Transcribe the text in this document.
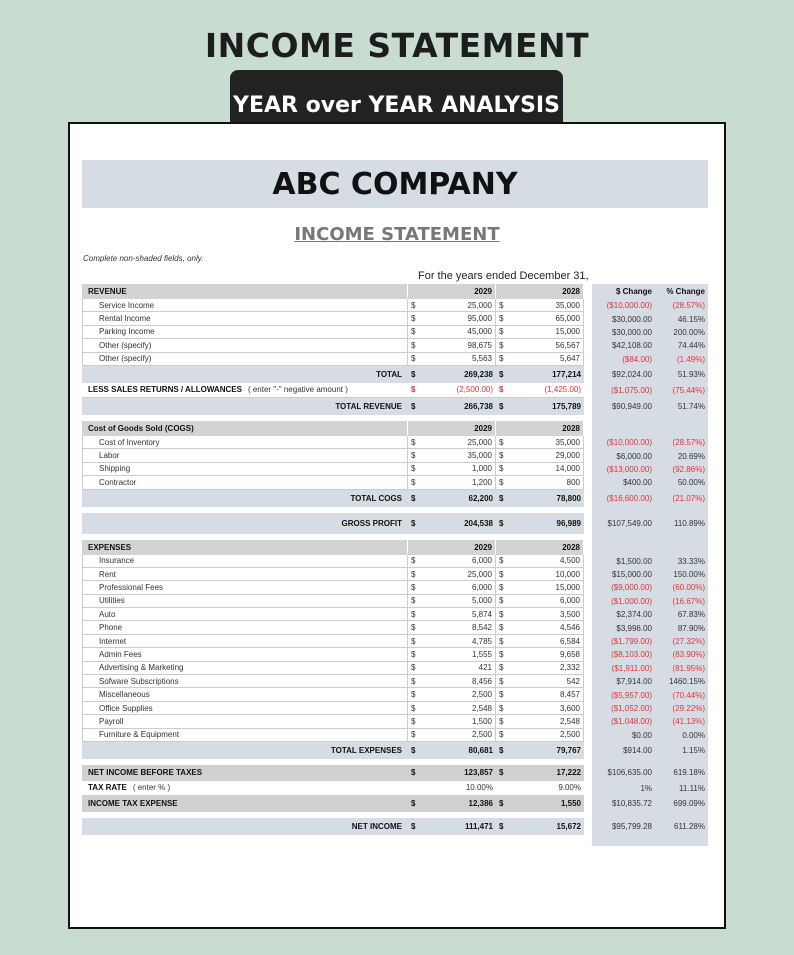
INCOME STATEMENT
YEAR over YEAR ANALYSIS
ABC COMPANY
INCOME STATEMENT
Complete non-shaded fields, only.
For the years ended December 31,
REVENUE	2029	2028	$ Change % Change
Service Income	$	25,000 $	35,000	($10,000.00)	(28.57%)
Rental Income	$	95,000 $	65,000	$30,000.00	46.15%
Parking Income	$	45,000 $	15,000	$30,000.00	200.00%
Other (specify)	$	98,675 $	56,567	$42,108.00	74.44%
Other (specify)	$	5,563 $	5,647	($84.00)	(1.49%)
TOTAL $	269,238 $	177,214	$92,024.00	51.93%
LESS SALES RETURNS / ALLOWANCES ( enter "-" negative amount )	$	(2,500.00) $	(1,425.00)	($1,075.00)	(75.44%)
TOTAL REVENUE $	266,738 $	175,789	$90,949.00	51.74%
Cost of Goods Sold (COGS)	2029	2028
Cost of Inventory	$	25,000 $	35,000	($10,000.00)	(28.57%)
Labor	$	35,000 $	29,000	$6,000.00	20.69%
Shipping	$	1,000 $	14,000	($13,000.00)	(92.86%)
Contractor	$	1,200 $	800	$400.00	50.00%
TOTAL COGS $	62,200 $	78,800	($16,600.00)	(21.07%)
GROSS PROFIT $	204,538 $	96,989	$107,549.00	110.89%
EXPENSES	2029	2028
Insurance	$	6,000 $	4,500	$1,500.00	33.33%
Rent	$	25,000 $	10,000	$15,000.00	150.00%
Professional Fees	$	6,000 $	15,000	($9,000.00)	(60.00%)
Utilities	$	5,000 $	6,000	($1,000.00)	(16.67%)
Auto	$	5,874 $	3,500	$2,374.00	67.83%
Phone	$	8,542 $	4,546	$3,996.00	87.90%
Internet	$	4,785 $	6,584	($1,799.00)	(27.32%)
Admin Fees	$	1,555 $	9,658	($8,103.00)	(83.90%)
Advertising & Marketing	$	421 $	2,332	($1,911.00)	(81.95%)
Sofware Subscriptions	$	8,456 $	542	$7,914.00 1460.15%
Miscellaneous	$	2,500 $	8,457	($5,957.00)	(70.44%)
Office Supplies	$	2,548 $	3,600	($1,052.00)	(29.22%)
Payroll	$	1,500 $	2,548	($1,048.00)	(41.13%)
Furniture & Equipment	$	2,500 $	2,500	$0.00	0.00%
TOTAL EXPENSES $	80,681 $	79,767	$914.00	1.15%
NET INCOME BEFORE TAXES	$	123,857 $	17,222	$106,635.00	619.18%
TAX RATE ( enter % )	10.00%	9.00%	1%	11.11%
INCOME TAX EXPENSE	$	12,386 $	1,550	$10,835.72	699.09%
NET INCOME $	111,471 $	15,672	$95,799.28	611.28%
